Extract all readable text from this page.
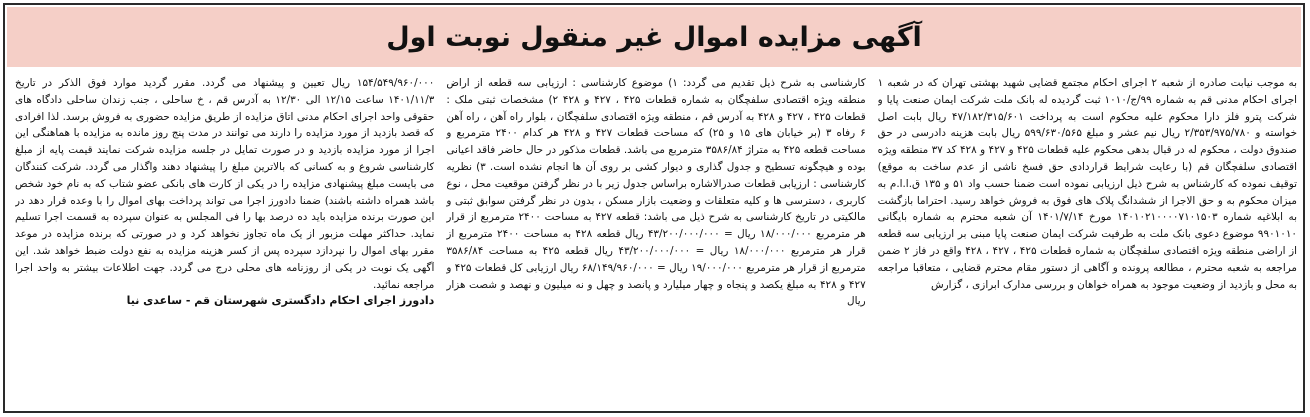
آگهی مزایده اموال غیر منقول نوبت اول

به موجب نیابت صادره از شعبه ۲ اجرای احکام مجتمع قضایی شهید بهشتی تهران که در شعبه ۱ اجرای احکام مدنی قم به شماره ۹۹/ج/۱۰۱۰ ثبت گردیده له بانک ملت شرکت ایمان صنعت پایا و شرکت پترو فلز دارا محکوم علیه محکوم است به پرداخت ۴۷/۱۸۲/۳۱۵/۶۰۱ ریال بابت اصل خواسته و ۲/۳۵۳/۹۷۵/۷۸۰ ریال نیم عشر و مبلغ ۵۹۹/۶۳۰/۵۶۵ ریال بابت هزینه دادرسی در حق صندوق دولت ، محکوم له در قبال بدهی محکوم علیه قطعات ۴۲۵ و ۴۲۷ و ۴۲۸ کد ۳۷ منطقه ویژه اقتصادی سلفچگان قم (با رعایت شرایط قراردادی حق فسخ ناشی از عدم ساخت به موقع) توقیف نموده که کارشناس به شرح ذیل ارزیابی نموده است ضمنا حسب واد ۵۱ و ۱۳۵ ق.ا.ا.م به میزان محکوم به و حق الاجرا از ششدانگ پلاک های فوق به فروش خواهد رسید. احتراما بازگشت به ابلاغیه شماره ۱۴۰۱۰۲۱۰۰۰۰۷۱۰۱۵۰۳ مورخ ۱۴۰۱/۷/۱۴ آن شعبه محترم به شماره بایگانی ۹۹۰۱۰۱۰ موضوع دعوی بانک ملت به طرفیت شرکت ایمان صنعت پایا مبنی بر ارزیابی سه قطعه از اراضی منطقه ویژه اقتصادی سلفچگان به شماره قطعات ۴۲۵ ، ۴۲۷ ، ۴۲۸ واقع در فاز ۲ ضمن مراجعه به شعبه محترم ، مطالعه پرونده و آگاهی از دستور مقام محترم قضایی ، متعاقبا مراجعه به محل و بازدید از وضعیت موجود به همراه خواهان و بررسی مدارک ابرازی ، گزارش

کارشناسی به شرح ذیل تقدیم می گردد: ۱) موضوع کارشناسی : ارزیابی سه قطعه از اراض منطقه ویژه اقتصادی سلفچگان به شماره قطعات ۴۲۵ ، ۴۲۷ و ۴۲۸ ۲) مشخصات ثبتی ملک : قطعات ۴۲۵ ، ۴۲۷ و ۴۲۸ به آدرس قم ، منطقه ویژه اقتصادی سلفچگان ، بلوار راه آهن ، راه آهن ۶ رفاه ۳ (بر خیابان های ۱۵ و ۲۵) که مساحت قطعات ۴۲۷ و ۴۲۸ هر کدام ۲۴۰۰ مترمربع و مساحت قطعه ۴۲۵ به متراژ ۳۵۸۶/۸۴ مترمربع می باشد. قطعات مذکور در حال حاضر فاقد اعیانی بوده و هیچگونه تسطیح و جدول گذاری و دیوار کشی بر روی آن ها انجام نشده است. ۳) نظریه کارشناسی : ارزیابی قطعات صدرالاشاره براساس جدول زیر با در نظر گرفتن موقعیت محل ، نوع کاربری ، دسترسی ها و کلیه متعلقات و وضعیت بازار مسکن ، بدون در نظر گرفتن سوابق ثبتی و مالکیتی در تاریخ کارشناسی به شرح ذیل می باشد: قطعه ۴۲۷ به مساحت ۲۴۰۰ مترمربع از قرار هر مترمربع ۱۸/۰۰۰/۰۰۰ ریال = ۴۳/۲۰۰/۰۰۰/۰۰۰ ریال قطعه ۴۲۸ به مساحت ۲۴۰۰ مترمربع از قرار هر مترمربع ۱۸/۰۰۰/۰۰۰ ریال = ۴۳/۲۰۰/۰۰۰/۰۰۰ ریال قطعه ۴۲۵ به مساحت ۳۵۸۶/۸۴ مترمربع از قرار هر مترمربع ۱۹/۰۰۰/۰۰۰ ریال = ۶۸/۱۴۹/۹۶۰/۰۰۰ ریال ارزیابی کل قطعات ۴۲۵ و ۴۲۷ و ۴۲۸ به مبلغ یکصد و پنجاه و چهار میلیارد و پانصد و چهل و نه میلیون و نهصد و شصت هزار ریال

۱۵۴/۵۴۹/۹۶۰/۰۰۰ ریال تعیین و پیشنهاد می گردد. مقرر گردید موارد فوق الذکر در تاریخ ۱۴۰۱/۱۱/۳ ساعت ۱۲/۱۵ الی ۱۲/۳۰ به آدرس قم ، خ ساحلی ، جنب زندان ساحلی دادگاه های حقوقی واحد اجرای احکام مدنی اتاق مزایده از طریق مزایده حضوری به فروش برسد. لذا افرادی که قصد بازدید از مورد مزایده را دارند می توانند در مدت پنج روز مانده به مزایده با هماهنگی این اجرا از مورد مزایده بازدید و در صورت تمایل در جلسه مزایده شرکت نمایند قیمت پایه از مبلغ کارشناسی شروع و به کسانی که بالاترین مبلغ را پیشنهاد دهند واگذار می گردد. شرکت کنندگان می بایست مبلغ پیشنهادی مزایده را در یکی از کارت های بانکی عضو شتاب که به نام خود شخص باشد همراه داشته باشند) ضمنا دادورز اجرا می تواند پرداخت بهای اموال را با وعده قرار دهد در این صورت برنده مزایده باید ده درصد بها را فی المجلس به عنوان سپرده به قسمت اجرا تسلیم نماید. حداکثر مهلت مزبور از یک ماه تجاوز نخواهد کرد و در صورتی که برنده مزایده در موعد مقرر بهای اموال را نپردازد سپرده پس از کسر هزینه مزایده به نفع دولت ضبط خواهد شد. این آگهی یک نوبت در یکی از روزنامه های محلی درج می گردد. جهت اطلاعات بیشتر به واحد اجرا مراجعه نمائید.

دادورز اجرای احکام دادگستری شهرستان قم - ساعدی نیا
